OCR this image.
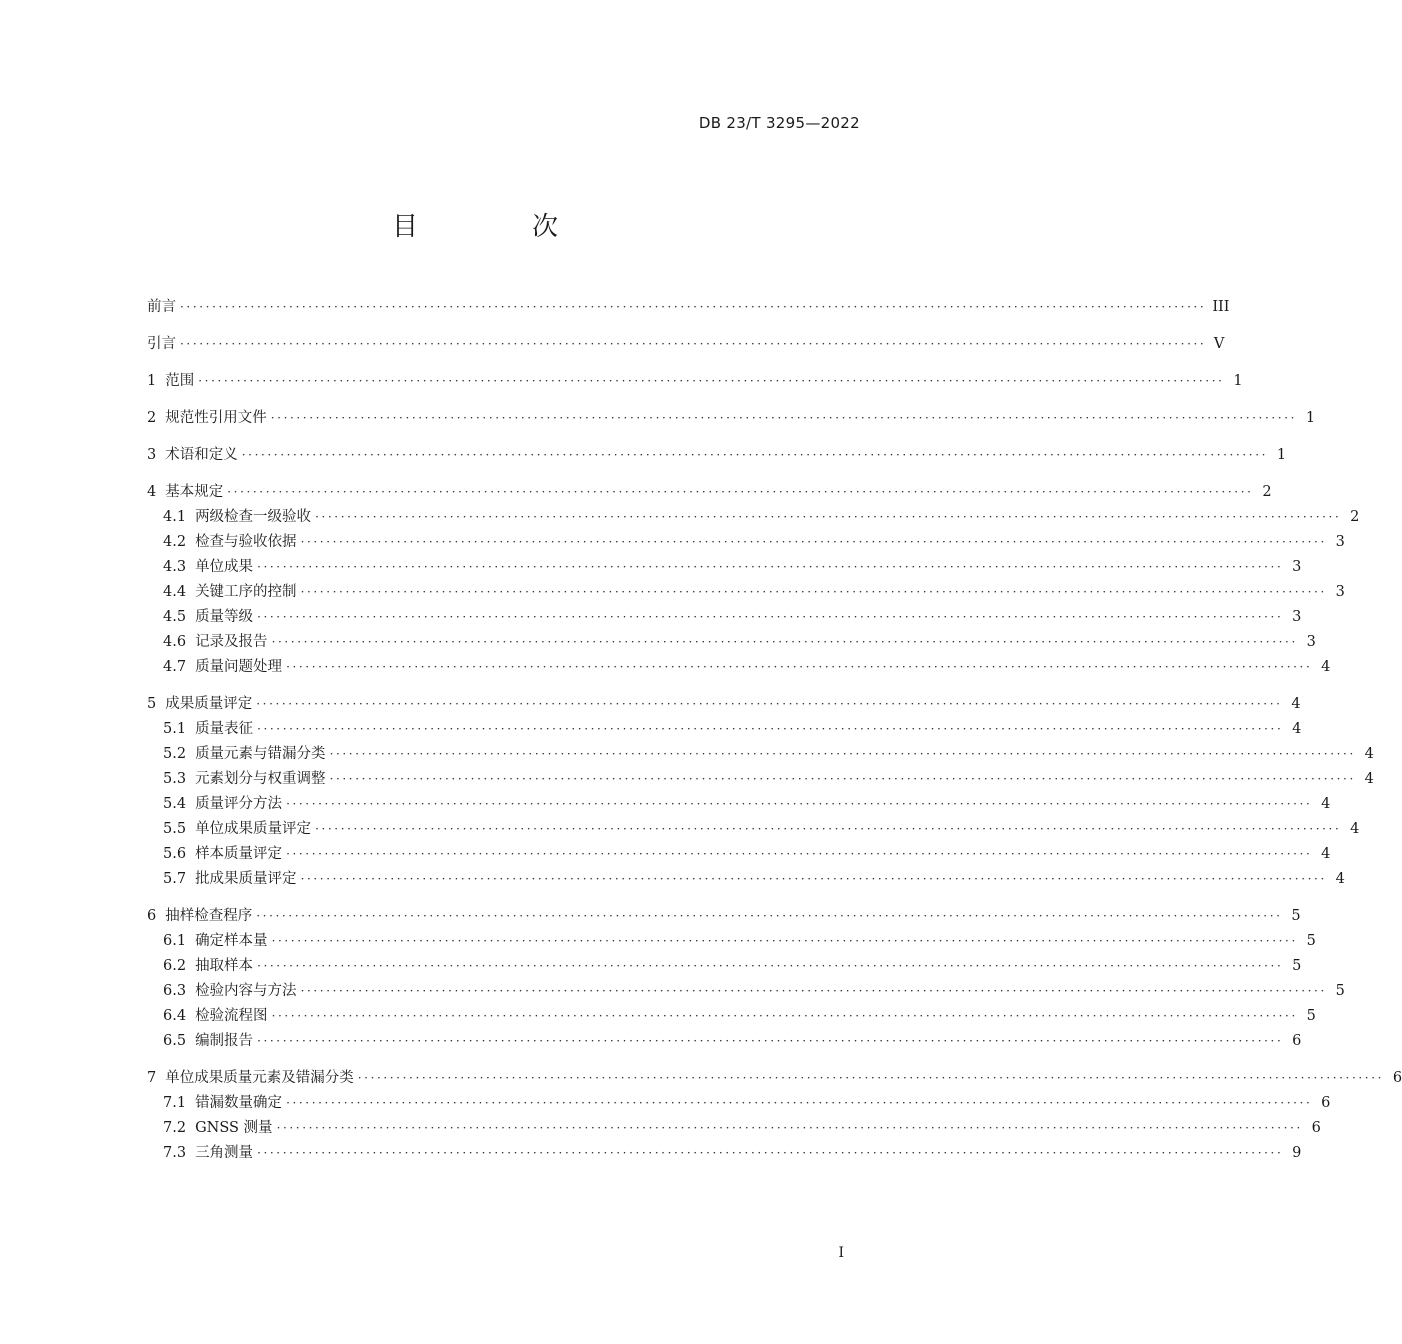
DB 23/T 3295—2022
目　次
前言 ································································································································································ III
引言 ································································································································································ V
1 范围 ································································································································································ 1
2 规范性引用文件 ································································································································································ 1
3 术语和定义 ································································································································································ 1
4 基本规定 ································································································································································ 2
4.1 两级检查一级验收 ································································································································································ 2
4.2 检查与验收依据 ································································································································································ 3
4.3 单位成果 ································································································································································ 3
4.4 关键工序的控制 ································································································································································ 3
4.5 质量等级 ································································································································································ 3
4.6 记录及报告 ································································································································································ 3
4.7 质量问题处理 ································································································································································ 4
5 成果质量评定 ································································································································································ 4
5.1 质量表征 ································································································································································ 4
5.2 质量元素与错漏分类 ································································································································································ 4
5.3 元素划分与权重调整 ································································································································································ 4
5.4 质量评分方法 ································································································································································ 4
5.5 单位成果质量评定 ································································································································································ 4
5.6 样本质量评定 ································································································································································ 4
5.7 批成果质量评定 ································································································································································ 4
6 抽样检查程序 ································································································································································ 5
6.1 确定样本量 ································································································································································ 5
6.2 抽取样本 ································································································································································ 5
6.3 检验内容与方法 ································································································································································ 5
6.4 检验流程图 ································································································································································ 5
6.5 编制报告 ································································································································································ 6
7 单位成果质量元素及错漏分类 ································································································································································ 6
7.1 错漏数量确定 ································································································································································ 6
7.2 GNSS 测量 ································································································································································ 6
7.3 三角测量 ································································································································································ 9
I
